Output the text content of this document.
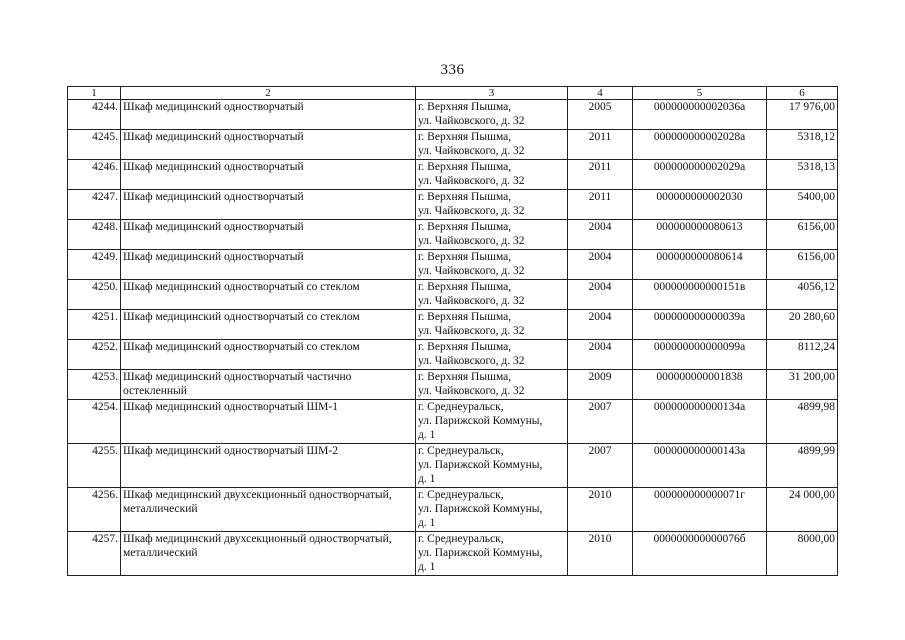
336
1	2	3	4	5	6
4244.	Шкаф медицинский одностворчатый	г. Верхняя Пышма,
ул. Чайковского, д. 32	2005	000000000002036а	17 976,00
4245.	Шкаф медицинский одностворчатый	г. Верхняя Пышма,
ул. Чайковского, д. 32	2011	000000000002028а	5318,12
4246.	Шкаф медицинский одностворчатый	г. Верхняя Пышма,
ул. Чайковского, д. 32	2011	000000000002029а	5318,13
4247.	Шкаф медицинский одностворчатый	г. Верхняя Пышма,
ул. Чайковского, д. 32	2011	000000000002030	5400,00
4248.	Шкаф медицинский одностворчатый	г. Верхняя Пышма,
ул. Чайковского, д. 32	2004	000000000080613	6156,00
4249.	Шкаф медицинский одностворчатый	г. Верхняя Пышма,
ул. Чайковского, д. 32	2004	000000000080614	6156,00
4250.	Шкаф медицинский одностворчатый со стеклом	г. Верхняя Пышма,
ул. Чайковского, д. 32	2004	000000000000151в	4056,12
4251.	Шкаф медицинский одностворчатый со стеклом	г. Верхняя Пышма,
ул. Чайковского, д. 32	2004	000000000000039а	20 280,60
4252.	Шкаф медицинский одностворчатый со стеклом	г. Верхняя Пышма,
ул. Чайковского, д. 32	2004	000000000000099а	8112,24
4253.	Шкаф медицинский одностворчатый частично остекленный	г. Верхняя Пышма,
ул. Чайковского, д. 32	2009	000000000001838	31 200,00
4254.	Шкаф медицинский одностворчатый ШМ-1	г. Среднеуральск,
ул. Парижской Коммуны,
д. 1	2007	000000000000134а	4899,98
4255.	Шкаф медицинский одностворчатый ШМ-2	г. Среднеуральск,
ул. Парижской Коммуны,
д. 1	2007	000000000000143а	4899,99
4256.	Шкаф медицинский двухсекционный одностворчатый, металлический	г. Среднеуральск,
ул. Парижской Коммуны,
д. 1	2010	000000000000071г	24 000,00
4257.	Шкаф медицинский двухсекционный одностворчатый, металлический	г. Среднеуральск,
ул. Парижской Коммуны,
д. 1	2010	000000000000076б	8000,00
